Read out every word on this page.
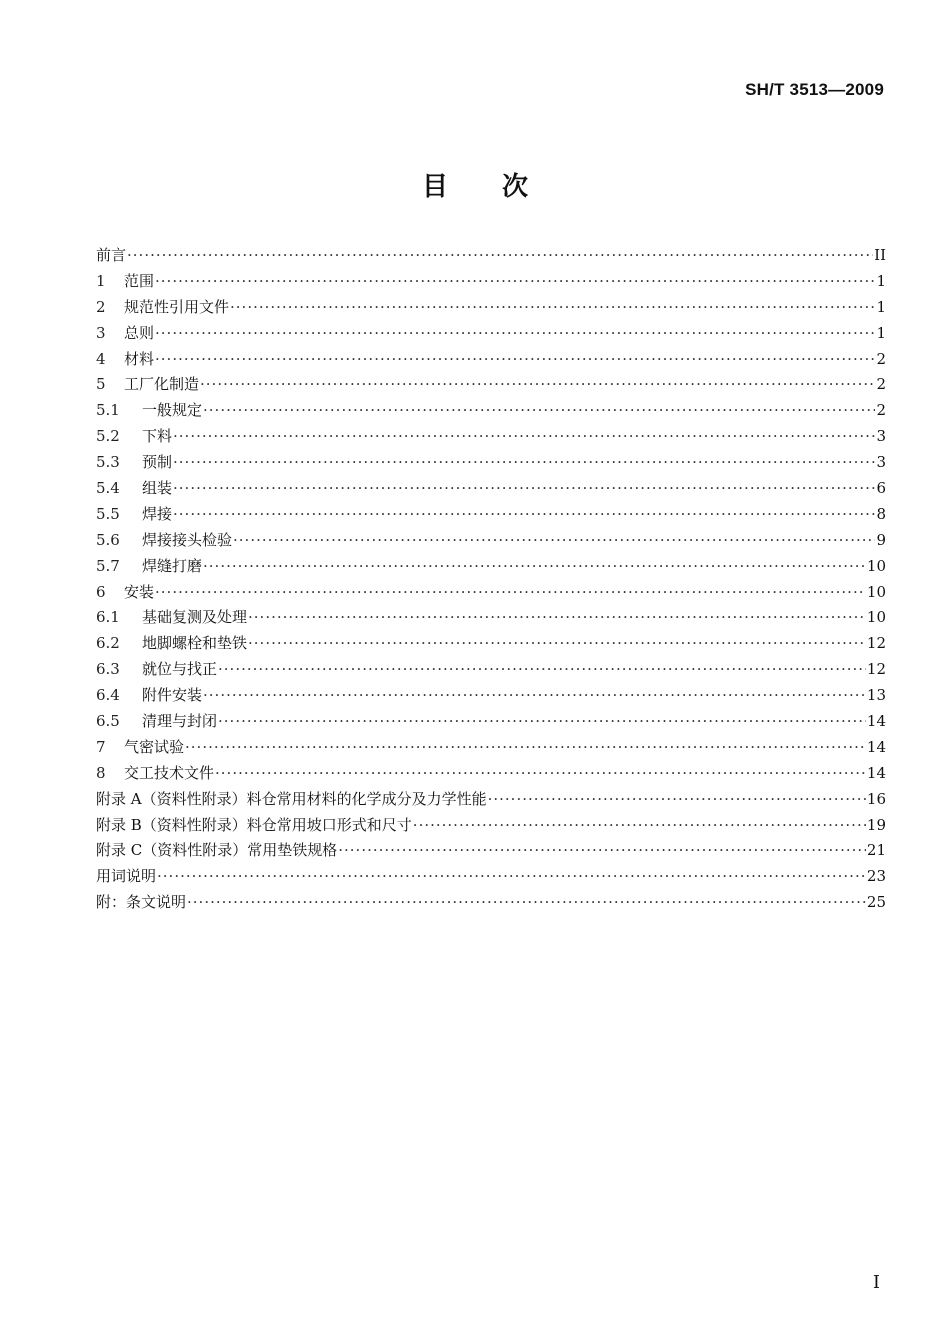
SH/T 3513—2009
目次
前言 ·····	II
1	范围 ·····	1
2	规范性引用文件 ·····	1
3	总则 ·····	1
4	材料 ·····	2
5	工厂化制造 ·····	2
5.1	一般规定 ·····	2
5.2	下料 ·····	3
5.3	预制 ·····	3
5.4	组装 ·····	6
5.5	焊接 ·····	8
5.6	焊接接头检验 ·····	9
5.7	焊缝打磨 ·····	10
6	安装 ·····	10
6.1	基础复测及处理 ·····	10
6.2	地脚螺栓和垫铁 ·····	12
6.3	就位与找正 ·····	12
6.4	附件安装 ·····	13
6.5	清理与封闭 ·····	14
7	气密试验 ·····	14
8	交工技术文件 ·····	14
附录 A（资料性附录）料仓常用材料的化学成分及力学性能 ·····	16
附录 B（资料性附录）料仓常用坡口形式和尺寸 ·····	19
附录 C（资料性附录）常用垫铁规格 ·····	21
用词说明 ·····	23
附：条文说明 ·····	25
I
